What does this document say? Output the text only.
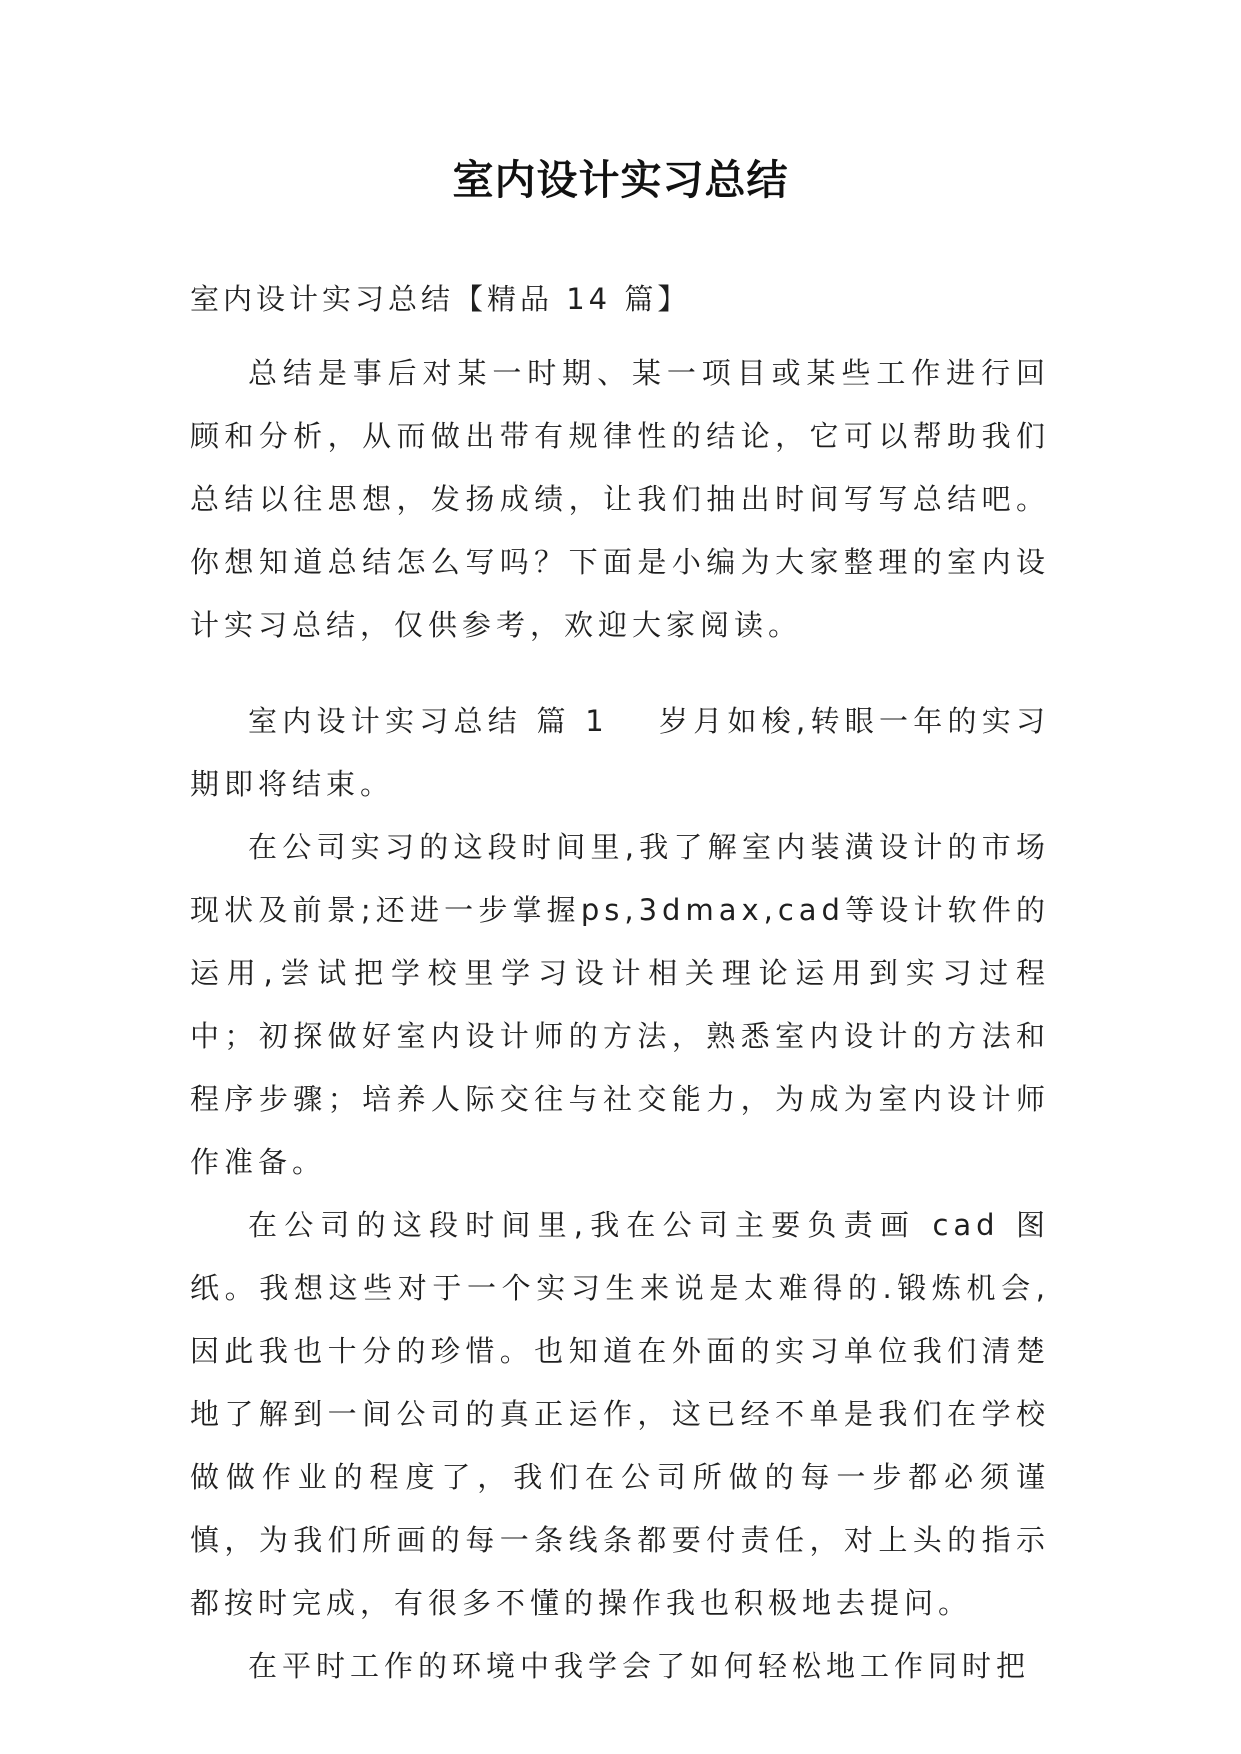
室内设计实习总结
室内设计实习总结【精品 14 篇】

总结是事后对某一时期、某一项目或某些工作进行回顾和分析，从而做出带有规律性的结论，它可以帮助我们总结以往思想，发扬成绩，让我们抽出时间写写总结吧。你想知道总结怎么写吗？下面是小编为大家整理的室内设计实习总结，仅供参考，欢迎大家阅读。

室内设计实习总结 篇 1 岁月如梭,转眼一年的实习期即将结束。

在公司实习的这段时间里,我了解室内装潢设计的市场现状及前景;还进一步掌握ps,3dmax,cad等设计软件的运用,尝试把学校里学习设计相关理论运用到实习过程中；初探做好室内设计师的方法，熟悉室内设计的方法和程序步骤；培养人际交往与社交能力，为成为室内设计师作准备。

在公司的这段时间里,我在公司主要负责画 cad 图纸。我想这些对于一个实习生来说是太难得的.锻炼机会,因此我也十分的珍惜。也知道在外面的实习单位我们清楚地了解到一间公司的真正运作，这已经不单是我们在学校做做作业的程度了，我们在公司所做的每一步都必须谨慎，为我们所画的每一条线条都要付责任，对上头的指示都按时完成，有很多不懂的操作我也积极地去提问。

在平时工作的环境中我学会了如何轻松地工作同时把
